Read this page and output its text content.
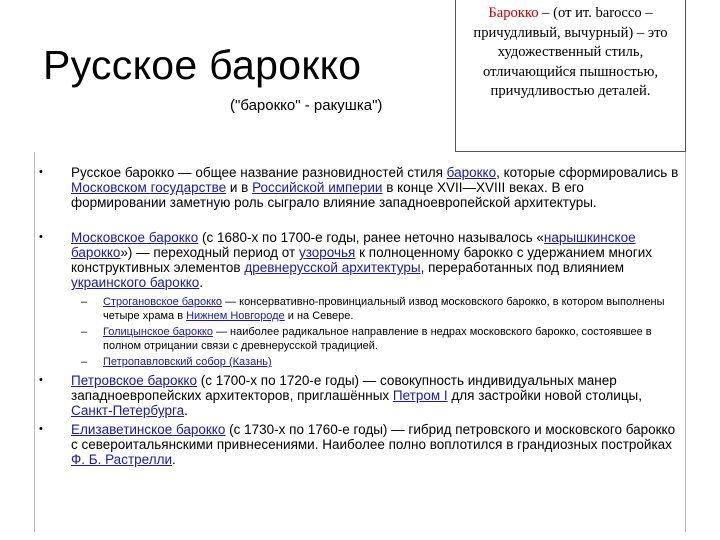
Русское барокко
("барокко" - ракушка")
Барокко – (от ит. barocco – причудливый, вычурный) – это художественный стиль, отличающийся пышностью, причудливостью деталей.
• Русское барокко — общее название разновидностей стиля барокко, которые сформировались в Московском государстве и в Российской империи в конце XVII—XVIII веках. В его формировании заметную роль сыграло влияние западноевропейской архитектуры.
• Московское барокко (с 1680-х по 1700-е годы, ранее неточно называлось «нарышкинское барокко») — переходный период от узорочья к полноценному барокко с удержанием многих конструктивных элементов древнерусской архитектуры, переработанных под влиянием украинского барокко.
• Петровское барокко (с 1700-х по 1720-е годы) — совокупность индивидуальных манер западноевропейских архитекторов, приглашённых Петром I для застройки новой столицы, Санкт-Петербурга.
• Елизаветинское барокко (с 1730-х по 1760-е годы) — гибрид петровского и московского барокко с североитальянскими привнесениями. Наиболее полно воплотился в грандиозных постройках Ф. Б. Растрелли.
– Строгановское барокко — консервативно-провинциальный извод московского барокко, в котором выполнены четыре храма в Нижнем Новгороде и на Севере.
– Голицынское барокко — наиболее радикальное направление в недрах московского барокко, состоявшее в полном отрицании связи с древнерусской традицией.
– Петропавловский собор (Казань)
